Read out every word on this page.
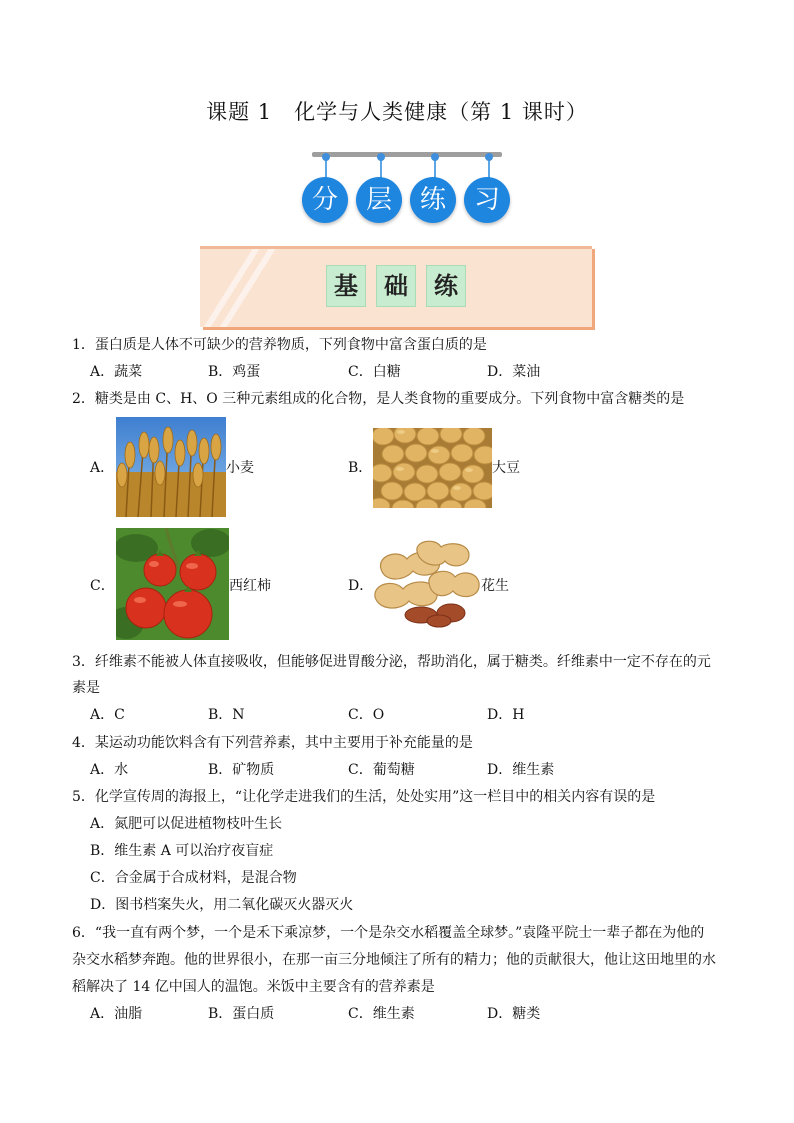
课题 1　化学与人类健康（第 1 课时）
分	层	练	习
基 础 练
1．蛋白质是人体不可缺少的营养物质，下列食物中富含蛋白质的是
A．蔬菜	B．鸡蛋	C．白糖	D．菜油
2．糖类是由 C、H、O 三种元素组成的化合物，是人类食物的重要成分。下列食物中富含糖类的是
A．	小麦	B．	大豆
C．	西红柿	D．	花生
3．纤维素不能被人体直接吸收，但能够促进胃酸分泌，帮助消化，属于糖类。纤维素中一定不存在的元
素是
A．C	B．N	C．O	D．H
4．某运动功能饮料含有下列营养素，其中主要用于补充能量的是
A．水	B．矿物质	C．葡萄糖	D．维生素
5．化学宣传周的海报上，“让化学走进我们的生活，处处实用”这一栏目中的相关内容有误的是
A．氮肥可以促进植物枝叶生长
B．维生素 A 可以治疗夜盲症
C．合金属于合成材料，是混合物
D．图书档案失火，用二氧化碳灭火器灭火
6．“我一直有两个梦，一个是禾下乘凉梦，一个是杂交水稻覆盖全球梦。”袁隆平院士一辈子都在为他的
杂交水稻梦奔跑。他的世界很小，在那一亩三分地倾注了所有的精力；他的贡献很大，他让这田地里的水
稻解决了 14 亿中国人的温饱。米饭中主要含有的营养素是
A．油脂	B．蛋白质	C．维生素	D．糖类
